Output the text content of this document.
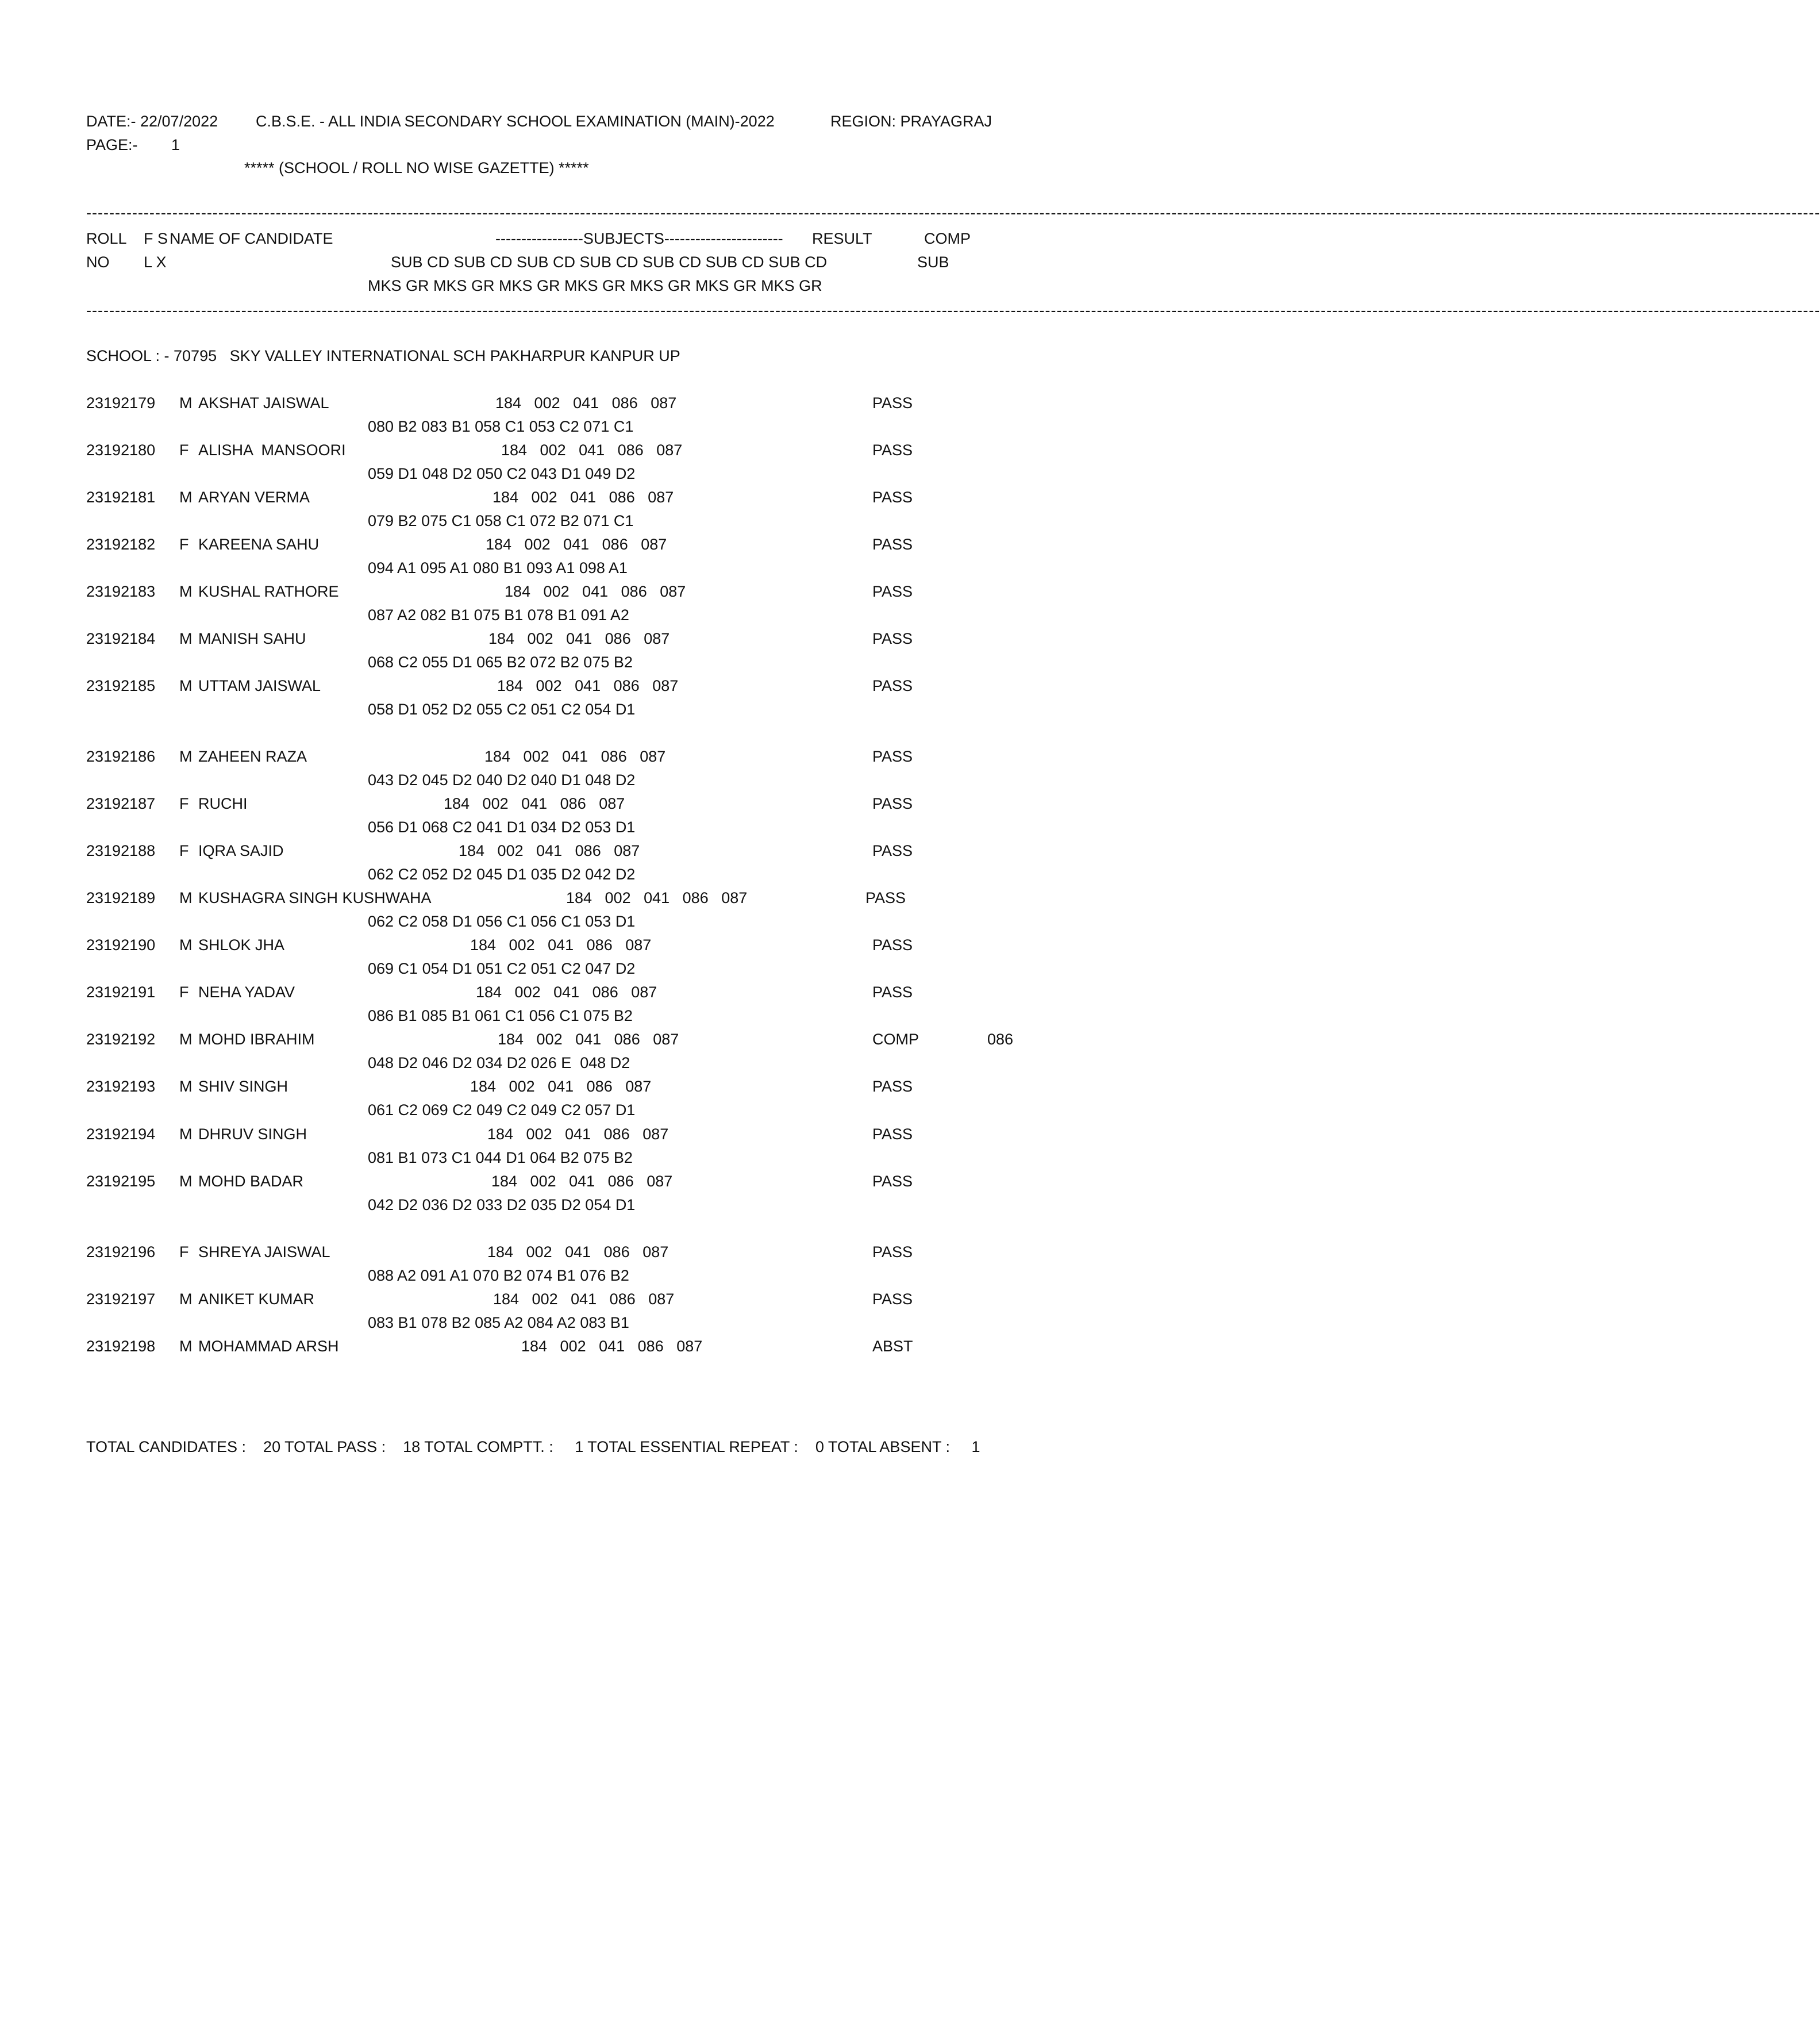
DATE:- 22/07/2022 C.B.S.E. - ALL INDIA SECONDARY SCHOOL EXAMINATION (MAIN)-2022	REGION: PRAYAGRAJ
PAGE:- 1
***** (SCHOOL / ROLL NO WISE GAZETTE) *****
--------------------------------------------------------------------------------------------------------------------------------------------------------------------------------------------------------------------------------------------------------------------------------------------------------------
ROLL
NO
F S
L X
NAME OF CANDIDATE	-----------------SUBJECTS----------------------- RESULT	COMP
SUB
SUB CD SUB CD SUB CD SUB CD SUB CD SUB CD SUB CD
MKS GR MKS GR MKS GR MKS GR MKS GR MKS GR MKS GR
--------------------------------------------------------------------------------------------------------------------------------------------------------------------------------------------------------------------------------------------------------------------------------------------------------------
SCHOOL : - 70795   SKY VALLEY INTERNATIONAL SCH PAKHARPUR KANPUR UP
23192179 M AKSHAT JAISWAL	184   002   041   086   087	PASS
080 B2 083 B1 058 C1 053 C2 071 C1
23192180 F ALISHA  MANSOORI	184   002   041   086   087	PASS
059 D1 048 D2 050 C2 043 D1 049 D2
23192181 M ARYAN VERMA	184   002   041   086   087	PASS
079 B2 075 C1 058 C1 072 B2 071 C1
23192182 F KAREENA SAHU	184   002   041   086   087	PASS
094 A1 095 A1 080 B1 093 A1 098 A1
23192183 M KUSHAL RATHORE	184   002   041   086   087	PASS
087 A2 082 B1 075 B1 078 B1 091 A2
23192184 M MANISH SAHU	184   002   041   086   087	PASS
068 C2 055 D1 065 B2 072 B2 075 B2
23192185 M UTTAM JAISWAL	184   002   041   086   087	PASS
058 D1 052 D2 055 C2 051 C2 054 D1
23192186 M ZAHEEN RAZA	184   002   041   086   087	PASS
043 D2 045 D2 040 D2 040 D1 048 D2
23192187 F RUCHI	184   002   041   086   087	PASS
056 D1 068 C2 041 D1 034 D2 053 D1
23192188 F IQRA SAJID	184   002   041   086   087	PASS
062 C2 052 D2 045 D1 035 D2 042 D2
23192189 M KUSHAGRA SINGH KUSHWAHA	184   002   041   086   087	PASS
062 C2 058 D1 056 C1 056 C1 053 D1
23192190 M SHLOK JHA	184   002   041   086   087	PASS
069 C1 054 D1 051 C2 051 C2 047 D2
23192191 F NEHA YADAV	184   002   041   086   087	PASS
086 B1 085 B1 061 C1 056 C1 075 B2
23192192 M MOHD IBRAHIM	184   002   041   086   087	COMP	086
048 D2 046 D2 034 D2 026 E  048 D2
23192193 M SHIV SINGH	184   002   041   086   087	PASS
061 C2 069 C2 049 C2 049 C2 057 D1
23192194 M DHRUV SINGH	184   002   041   086   087	PASS
081 B1 073 C1 044 D1 064 B2 075 B2
23192195 M MOHD BADAR	184   002   041   086   087	PASS
042 D2 036 D2 033 D2 035 D2 054 D1
23192196 F SHREYA JAISWAL	184   002   041   086   087	PASS
088 A2 091 A1 070 B2 074 B1 076 B2
23192197 M ANIKET KUMAR	184   002   041   086   087	PASS
083 B1 078 B2 085 A2 084 A2 083 B1
23192198 M MOHAMMAD ARSH	184   002   041   086   087	ABST
TOTAL CANDIDATES :    20 TOTAL PASS :    18 TOTAL COMPTT. :     1 TOTAL ESSENTIAL REPEAT :    0 TOTAL ABSENT :     1
